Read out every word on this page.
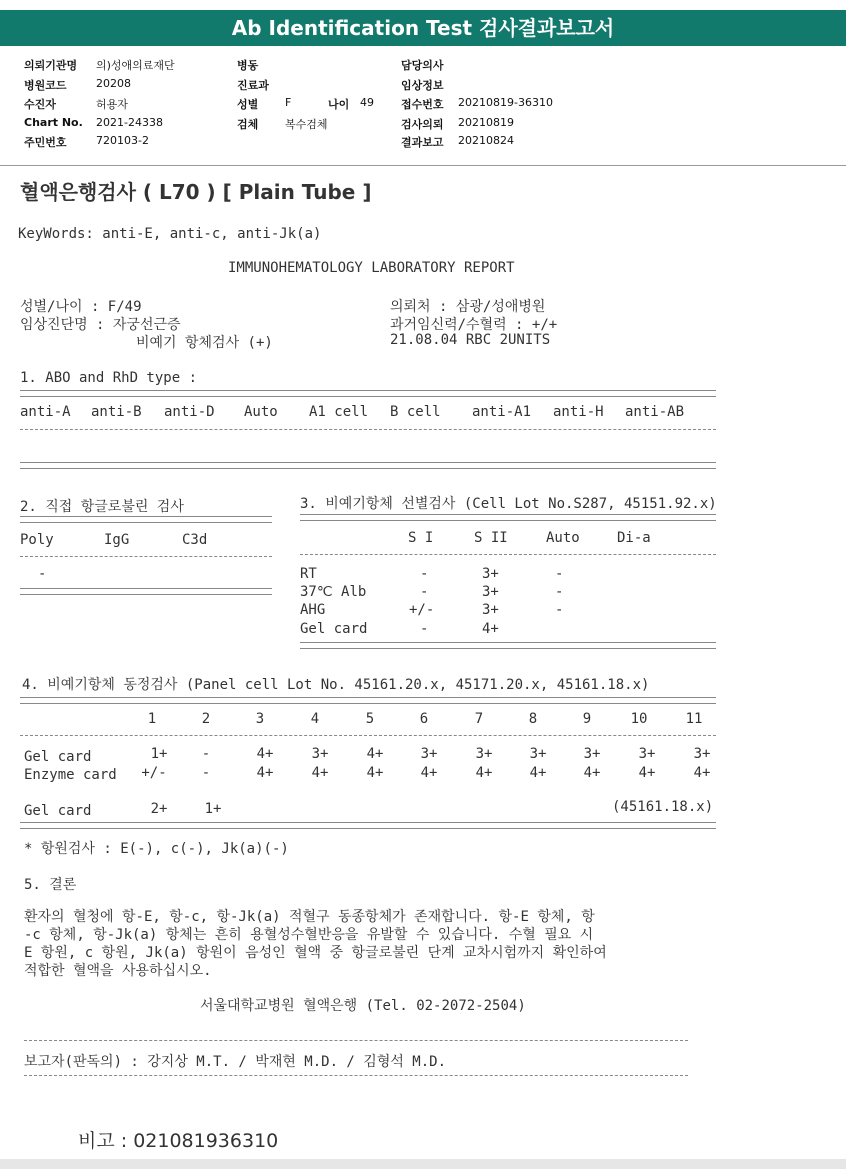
Ab Identification Test 검사결과보고서
의뢰기관명 의)성애의료재단
병원코드	20208
수진자	허용자
Chart No. 2021-24338
주민번호	720103-2
병동
진료과
성별 F	나이 49
검체 복수검체
담당의사
임상정보
접수번호 20210819-36310
검사의뢰 20210819
결과보고 20210824
혈액은행검사 ( L70 ) [ Plain Tube ]
KeyWords: anti-E, anti-c, anti-Jk(a)
IMMUNOHEMATOLOGY LABORATORY REPORT
성별/나이 : F/49
임상진단명 : 자궁선근증
비예기 항체검사 (+)
의뢰처 : 삼광/성애병원
과거임신력/수혈력 : +/+
21.08.04 RBC 2UNITS
1. ABO and RhD type :
anti-A anti-B anti-D Auto A1 cell B cell anti-A1 anti-H anti-AB
2. 직접 항글로불린 검사
Poly	IgG	C3d
-
3. 비예기항체 선별검사 (Cell Lot No.S287, 45151.92.x)
S I	S II	Auto	Di-a
RT	-	3+	-
37℃ Alb	-	3+	-
AHG	+/-	3+	-
Gel card	-	4+
4. 비예기항체 동정검사 (Panel cell Lot No. 45161.20.x, 45171.20.x, 45161.18.x)
1	2	3	4	5	6	7	8	9	10	11
Gel card	1+	-	4+	3+	4+	3+	3+	3+	3+	3+	3+
Enzyme card	+/-	-	4+	4+	4+	4+	4+	4+	4+	4+	4+
Gel card	2+	1+	(45161.18.x)
* 항원검사 : E(-), c(-), Jk(a)(-)
5. 결론
환자의 혈청에 항-E, 항-c, 항-Jk(a) 적혈구 동종항체가 존재합니다. 항-E 항체, 항
-c 항체, 항-Jk(a) 항체는 흔히 용혈성수혈반응을 유발할 수 있습니다. 수혈 필요 시
E 항원, c 항원, Jk(a) 항원이 음성인 혈액 중 항글로불린 단계 교차시험까지 확인하여
적합한 혈액을 사용하십시오.
서울대학교병원 혈액은행 (Tel. 02-2072-2504)
보고자(판독의) : 강지상 M.T. / 박재현 M.D. / 김형석 M.D.
비고 : 021081936310
